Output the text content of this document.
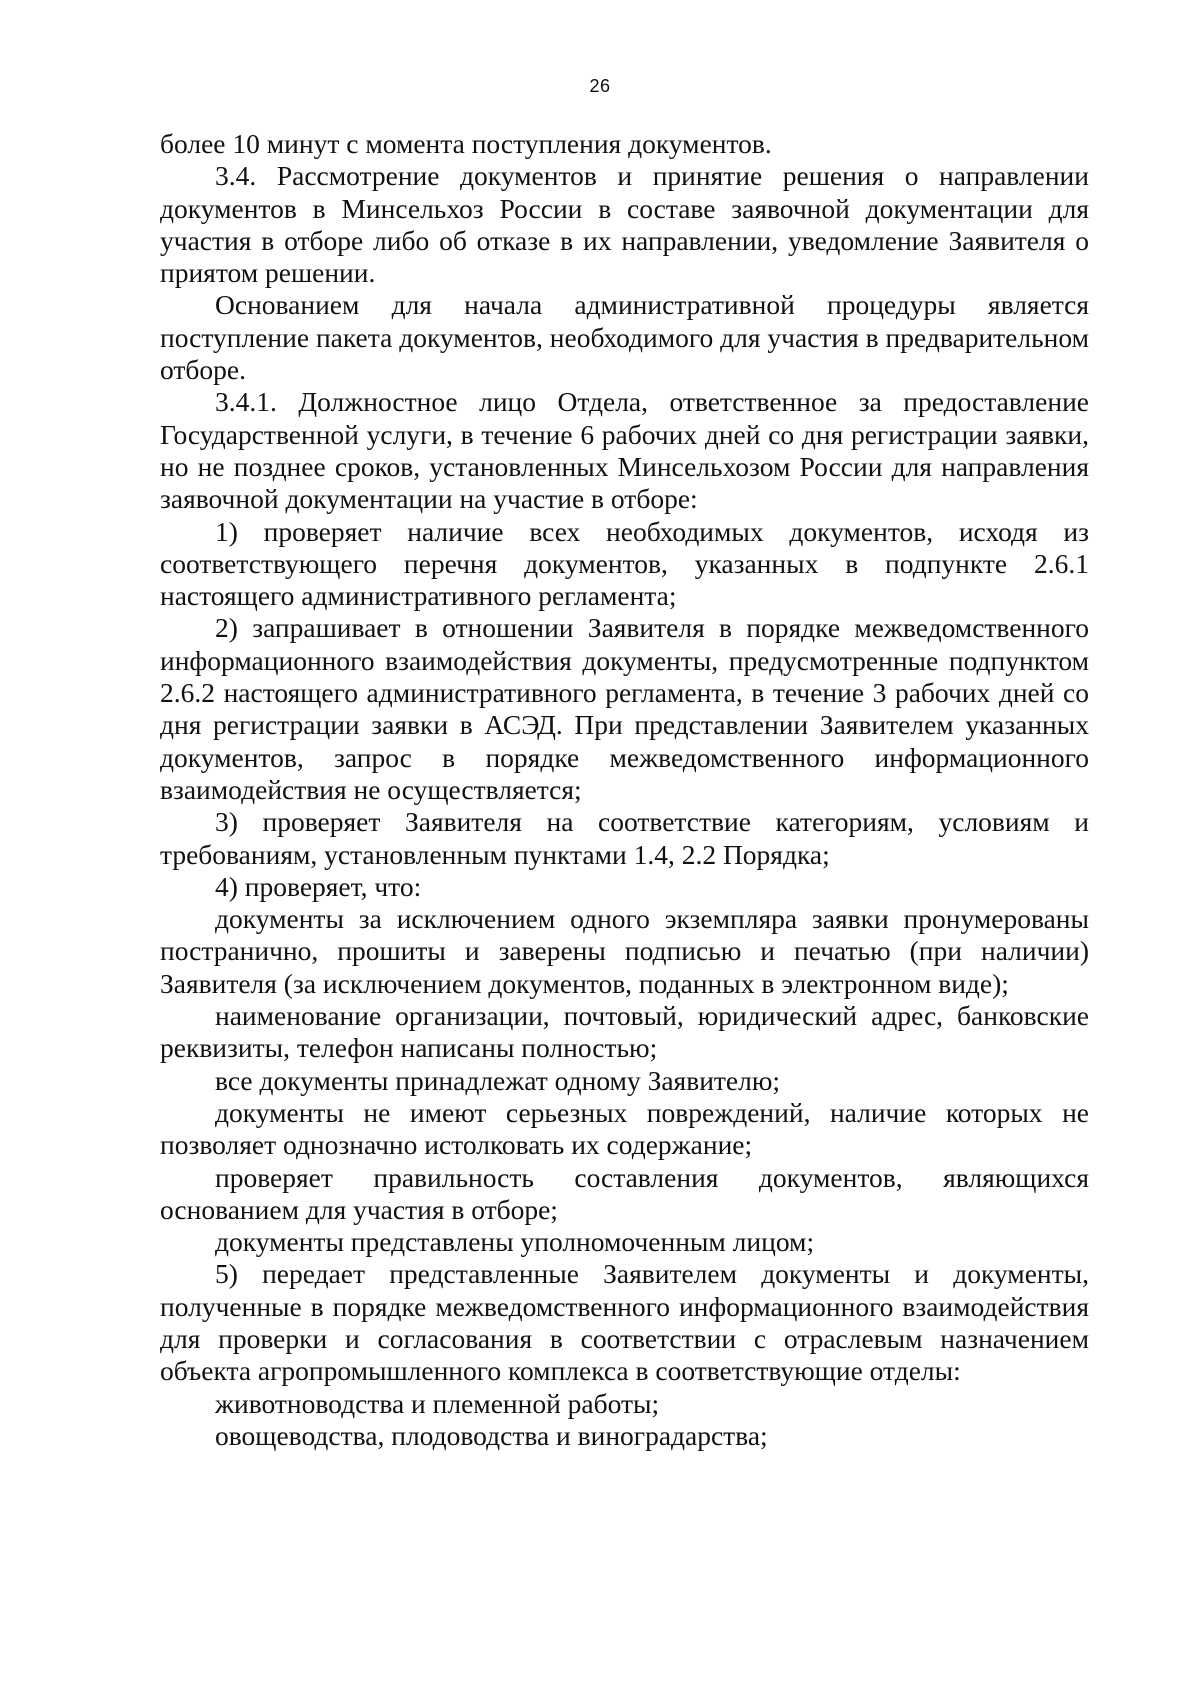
26

более 10 минут с момента поступления документов.

3.4. Рассмотрение документов и принятие решения о направлении документов в Минсельхоз России в составе заявочной документации для участия в отборе либо об отказе в их направлении, уведомление Заявителя о приятом решении.

Основанием для начала административной процедуры является поступление пакета документов, необходимого для участия в предварительном отборе.

3.4.1. Должностное лицо Отдела, ответственное за предоставление Государственной услуги, в течение 6 рабочих дней со дня регистрации заявки, но не позднее сроков, установленных Минсельхозом России для направления заявочной документации на участие в отборе:

1) проверяет наличие всех необходимых документов, исходя из соответствующего перечня документов, указанных в подпункте 2.6.1 настоящего административного регламента;

2) запрашивает в отношении Заявителя в порядке межведомственного информационного взаимодействия документы, предусмотренные подпунктом 2.6.2 настоящего административного регламента, в течение 3 рабочих дней со дня регистрации заявки в АСЭД. При представлении Заявителем указанных документов, запрос в порядке межведомственного информационного взаимодействия не осуществляется;

3) проверяет Заявителя на соответствие категориям, условиям и требованиям, установленным пунктами 1.4, 2.2 Порядка;

4) проверяет, что:

документы за исключением одного экземпляра заявки пронумерованы постранично, прошиты и заверены подписью и печатью (при наличии) Заявителя (за исключением документов, поданных в электронном виде);

наименование организации, почтовый, юридический адрес, банковские реквизиты, телефон написаны полностью;

все документы принадлежат одному Заявителю;

документы не имеют серьезных повреждений, наличие которых не позволяет однозначно истолковать их содержание;

проверяет правильность составления документов, являющихся основанием для участия в отборе;

документы представлены уполномоченным лицом;

5) передает представленные Заявителем документы и документы, полученные в порядке межведомственного информационного взаимодействия для проверки и согласования в соответствии с отраслевым назначением объекта агропромышленного комплекса в соответствующие отделы:

животноводства и племенной работы;

овощеводства, плодоводства и виноградарства;
